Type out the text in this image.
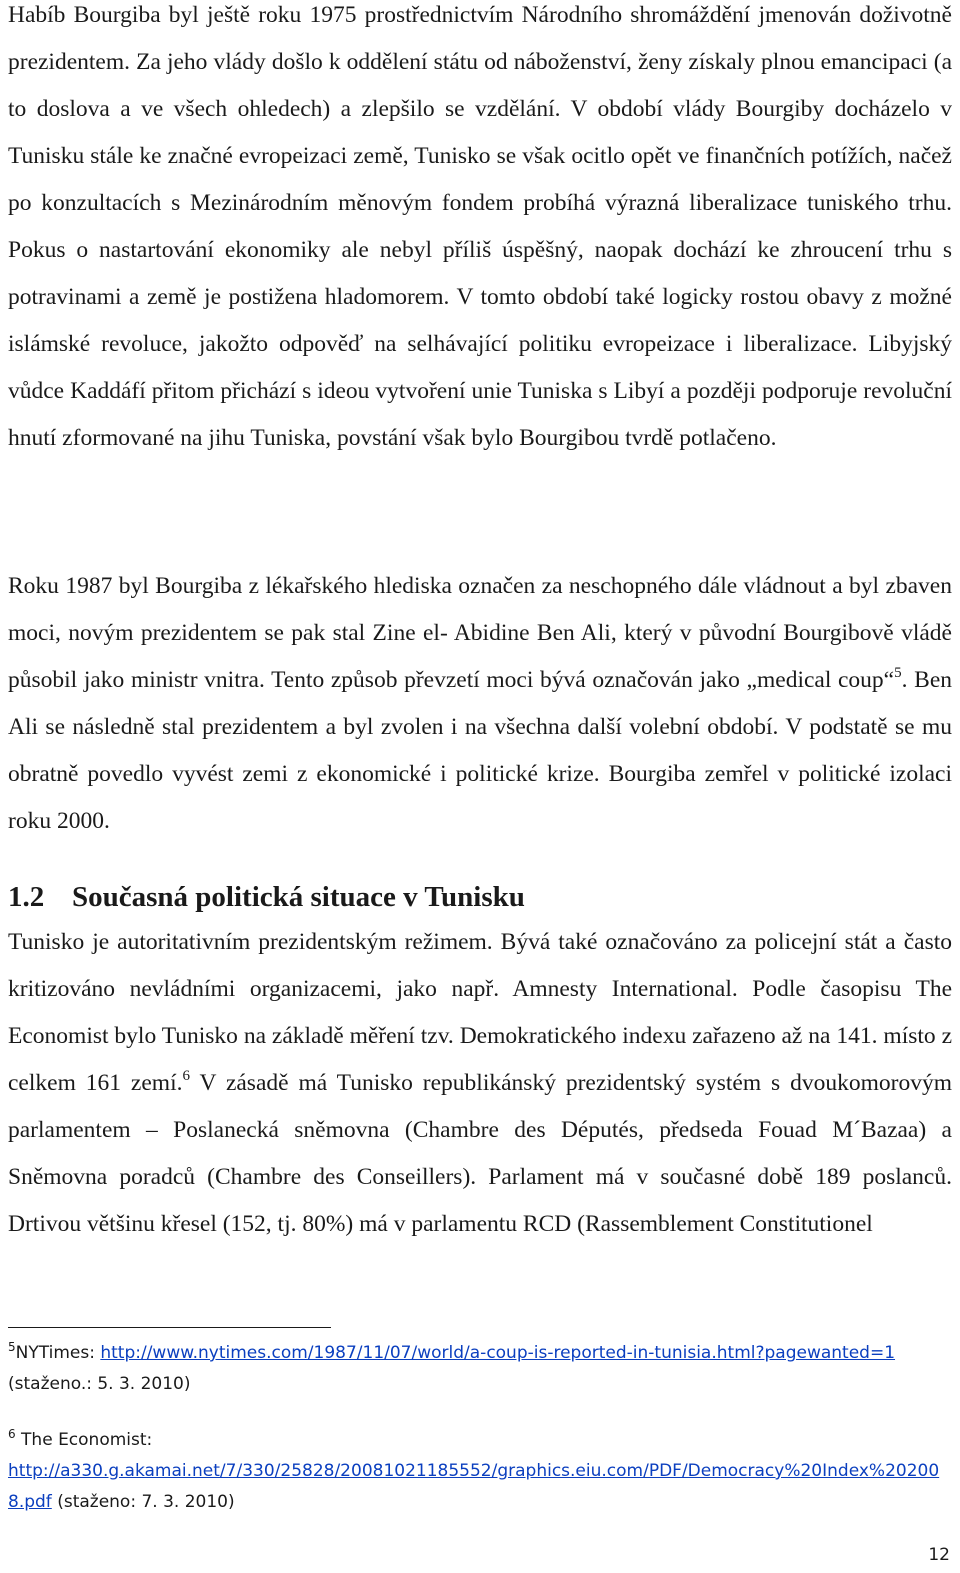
Habíb Bourgiba byl ještě roku 1975 prostřednictvím Národního shromáždění jmenován doživotně prezidentem. Za jeho vlády došlo k oddělení státu od náboženství, ženy získaly plnou emancipaci (a to doslova a ve všech ohledech) a zlepšilo se vzdělání. V období vlády Bourgiby docházelo v Tunisku stále ke značné evropeizaci země, Tunisko se však ocitlo opět ve finančních potížích, načež po konzultacích s Mezinárodním měnovým fondem probíhá výrazná liberalizace tuniského trhu. Pokus o nastartování ekonomiky ale nebyl příliš úspěšný, naopak dochází ke zhroucení trhu s potravinami a země je postižena hladomorem. V tomto období také logicky rostou obavy z možné islámské revoluce, jakožto odpověď na selhávající politiku evropeizace i liberalizace. Libyjský vůdce Kaddáfí přitom přichází s ideou vytvoření unie Tuniska s Libyí a později podporuje revoluční hnutí zformované na jihu Tuniska, povstání však bylo Bourgibou tvrdě potlačeno.

Roku 1987 byl Bourgiba z lékařského hlediska označen za neschopného dále vládnout a byl zbaven moci, novým prezidentem se pak stal Zine el- Abidine Ben Ali, který v původní Bourgibově vládě působil jako ministr vnitra. Tento způsob převzetí moci bývá označován jako „medical coup“$^5$. Ben Ali se následně stal prezidentem a byl zvolen i na všechna další volební období. V podstatě se mu obratně povedlo vyvést zemi z ekonomické i politické krize. Bourgiba zemřel v politické izolaci roku 2000.

1.2 Současná politická situace v Tunisku

Tunisko je autoritativním prezidentským režimem. Bývá také označováno za policejní stát a často kritizováno nevládními organizacemi, jako např. Amnesty International. Podle časopisu The Economist bylo Tunisko na základě měření tzv. Demokratického indexu zařazeno až na 141. místo z celkem 161 zemí.$^6$ V zásadě má Tunisko republikánský prezidentský systém s dvoukomorovým parlamentem – Poslanecká sněmovna (Chambre des Députés, předseda Fouad M´Bazaa) a Sněmovna poradců (Chambre des Conseillers). Parlament má v současné době 189 poslanců. Drtivou většinu křesel (152, tj. 80%) má v parlamentu RCD (Rassemblement Constitutionel

$^5$NYTimes: http://www.nytimes.com/1987/11/07/world/a-coup-is-reported-in-tunisia.html?pagewanted=1 (staženo.: 5. 3. 2010)

$^6$ The Economist:
http://a330.g.akamai.net/7/330/25828/20081021185552/graphics.eiu.com/PDF/Democracy%20Index%202008.pdf (staženo: 7. 3. 2010)

12
